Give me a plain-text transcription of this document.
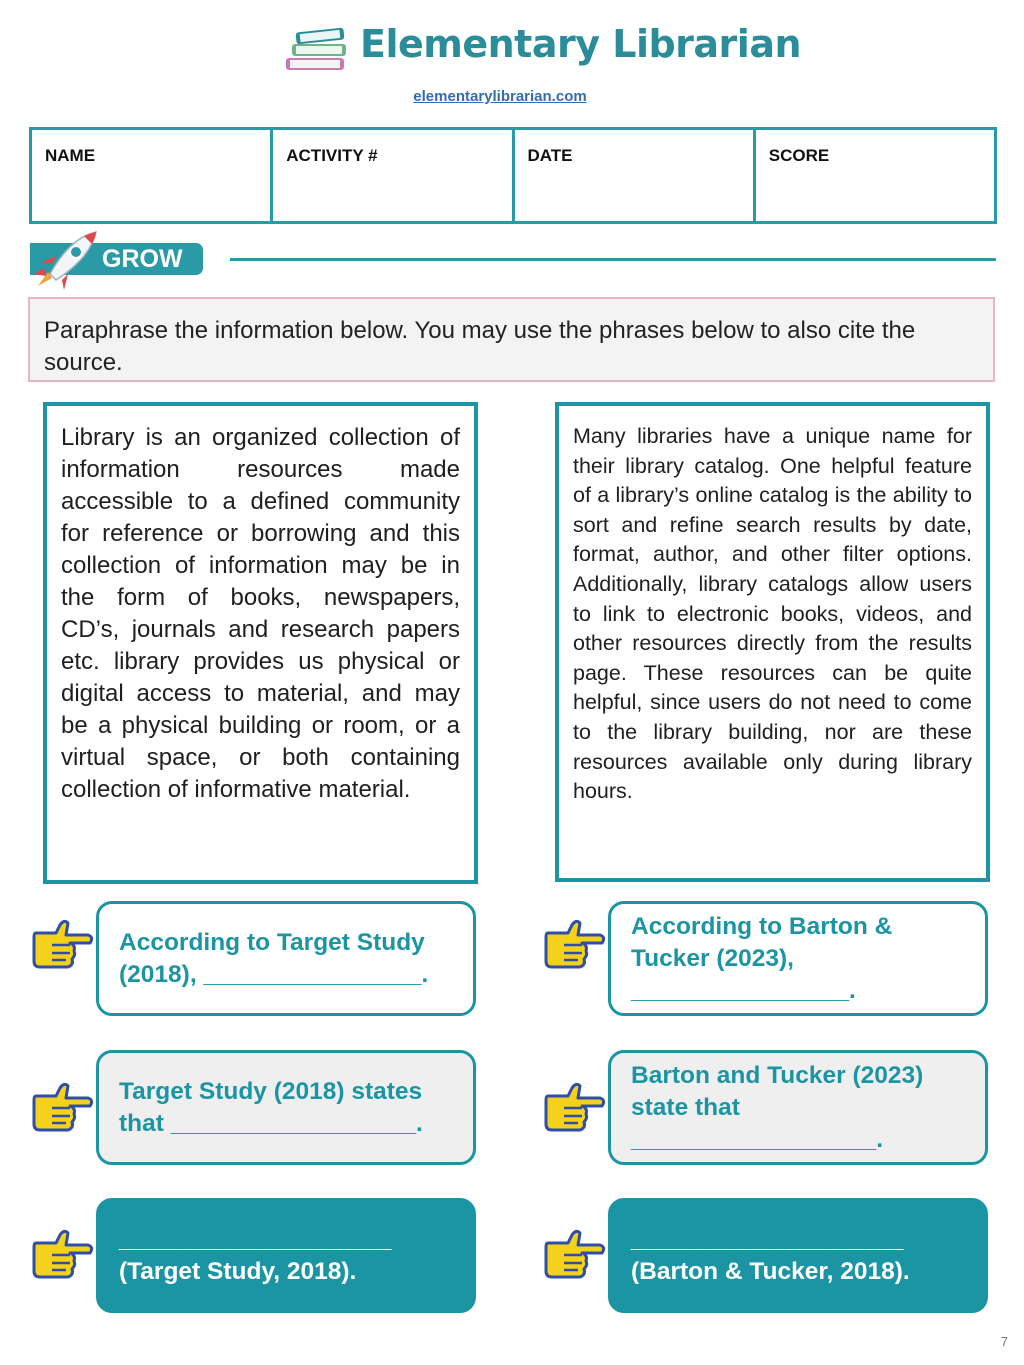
Elementary Librarian
elementarylibrarian.com
NAME	ACTIVITY #	DATE	SCORE
GROW
Paraphrase the information below. You may use the phrases below to also cite the source.
Library is an organized collection of information resources made accessible to a defined community for reference or borrowing and this collection of information may be in the form of books, newspapers, CD’s, journals and research papers etc. library provides us physical or digital access to material, and may be a physical building or room, or a virtual space, or both containing collection of informative material.
Many libraries have a unique name for their library catalog. One helpful feature of a library’s online catalog is the ability to sort and refine search results by date, format, author, and other filter options. Additionally, library catalogs allow users to link to electronic books, videos, and other resources directly from the results page. These resources can be quite helpful, since users do not need to come to the library building, nor are these resources available only during library hours.
According to Target Study
(2018), ________________.
According to Barton &
Tucker (2023),
________________.
Target Study (2018) states
that __________________.
Barton and Tucker (2023)
state that
__________________.
____________________
(Target Study, 2018).
____________________
(Barton & Tucker, 2018).
7
